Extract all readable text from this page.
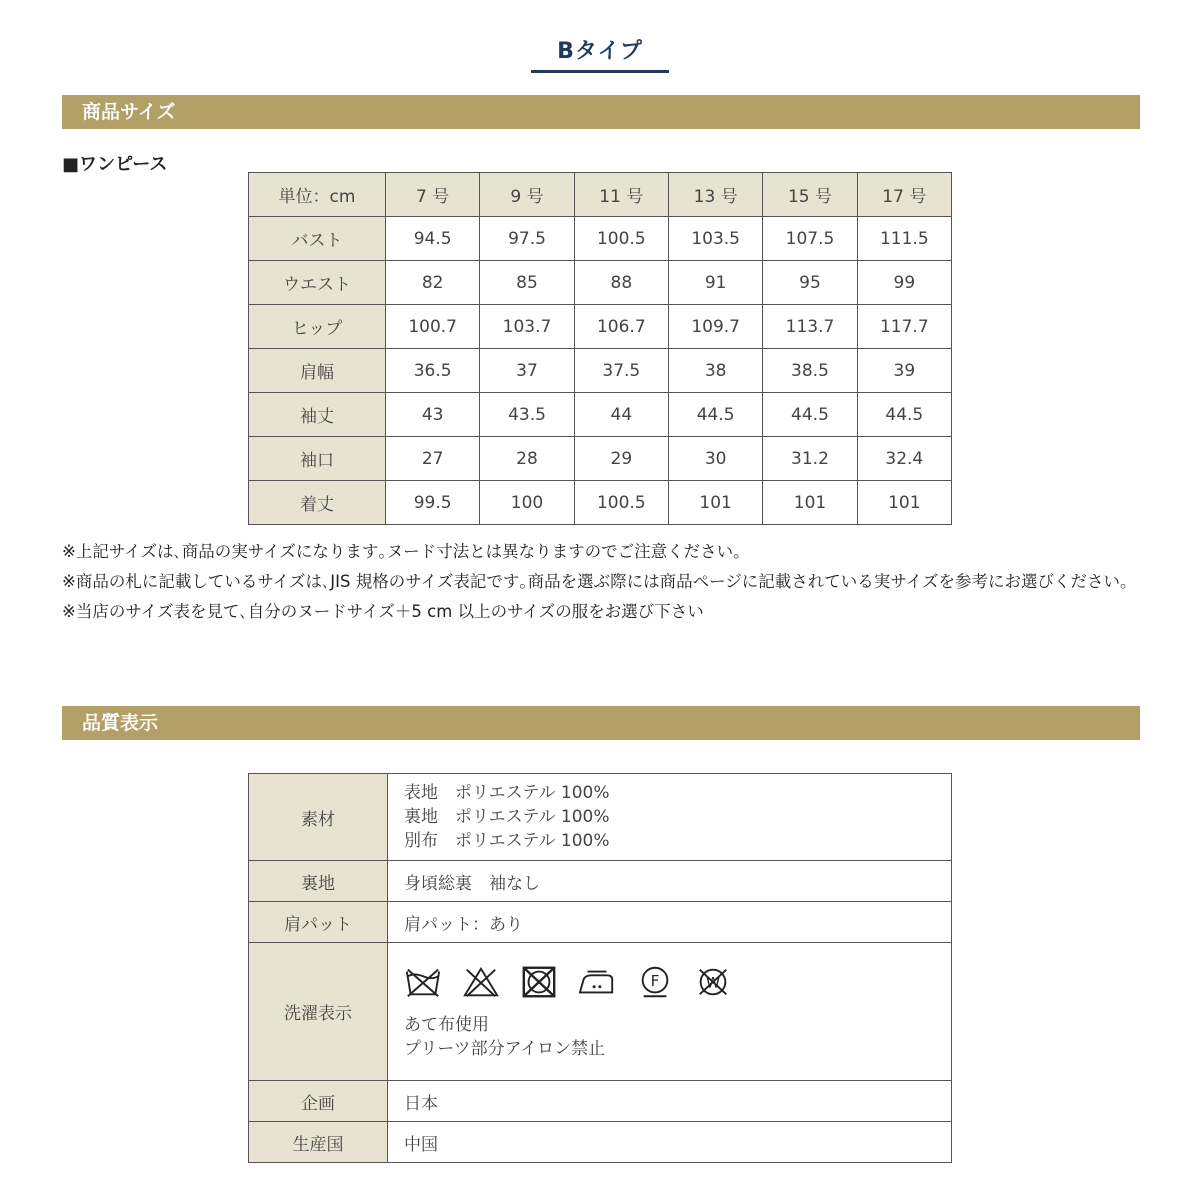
Bタイプ
商品サイズ
■ワンピース
単位：cm	7 号	9 号	11 号	13 号	15 号	17 号
バスト	94.5	97.5	100.5	103.5	107.5	111.5
ウエスト	82	85	88	91	95	99
ヒップ	100.7	103.7	106.7	109.7	113.7	117.7
肩幅	36.5	37	37.5	38	38.5	39
袖丈	43	43.5	44	44.5	44.5	44.5
袖口	27	28	29	30	31.2	32.4
着丈	99.5	100	100.5	101	101	101

※上記サイズは､商品の実サイズになります｡ヌード寸法とは異なりますのでご注意ください｡

※商品の札に記載しているサイズは､JIS 規格のサイズ表記です｡商品を選ぶ際には商品ページに記載されている実サイズを参考にお選びください｡

※当店のサイズ表を見て､自分のヌードサイズ＋5 cm 以上のサイズの服をお選び下さい

品質表示
素材	表地　ポリエステル 100%
裏地　ポリエステル 100%
別布　ポリエステル 100%

裏地	身頃総裏　袖なし
肩パット	肩パット：あり
洗濯表示	F W
あて布使用
プリーツ部分アイロン禁止

企画	日本
生産国	中国
